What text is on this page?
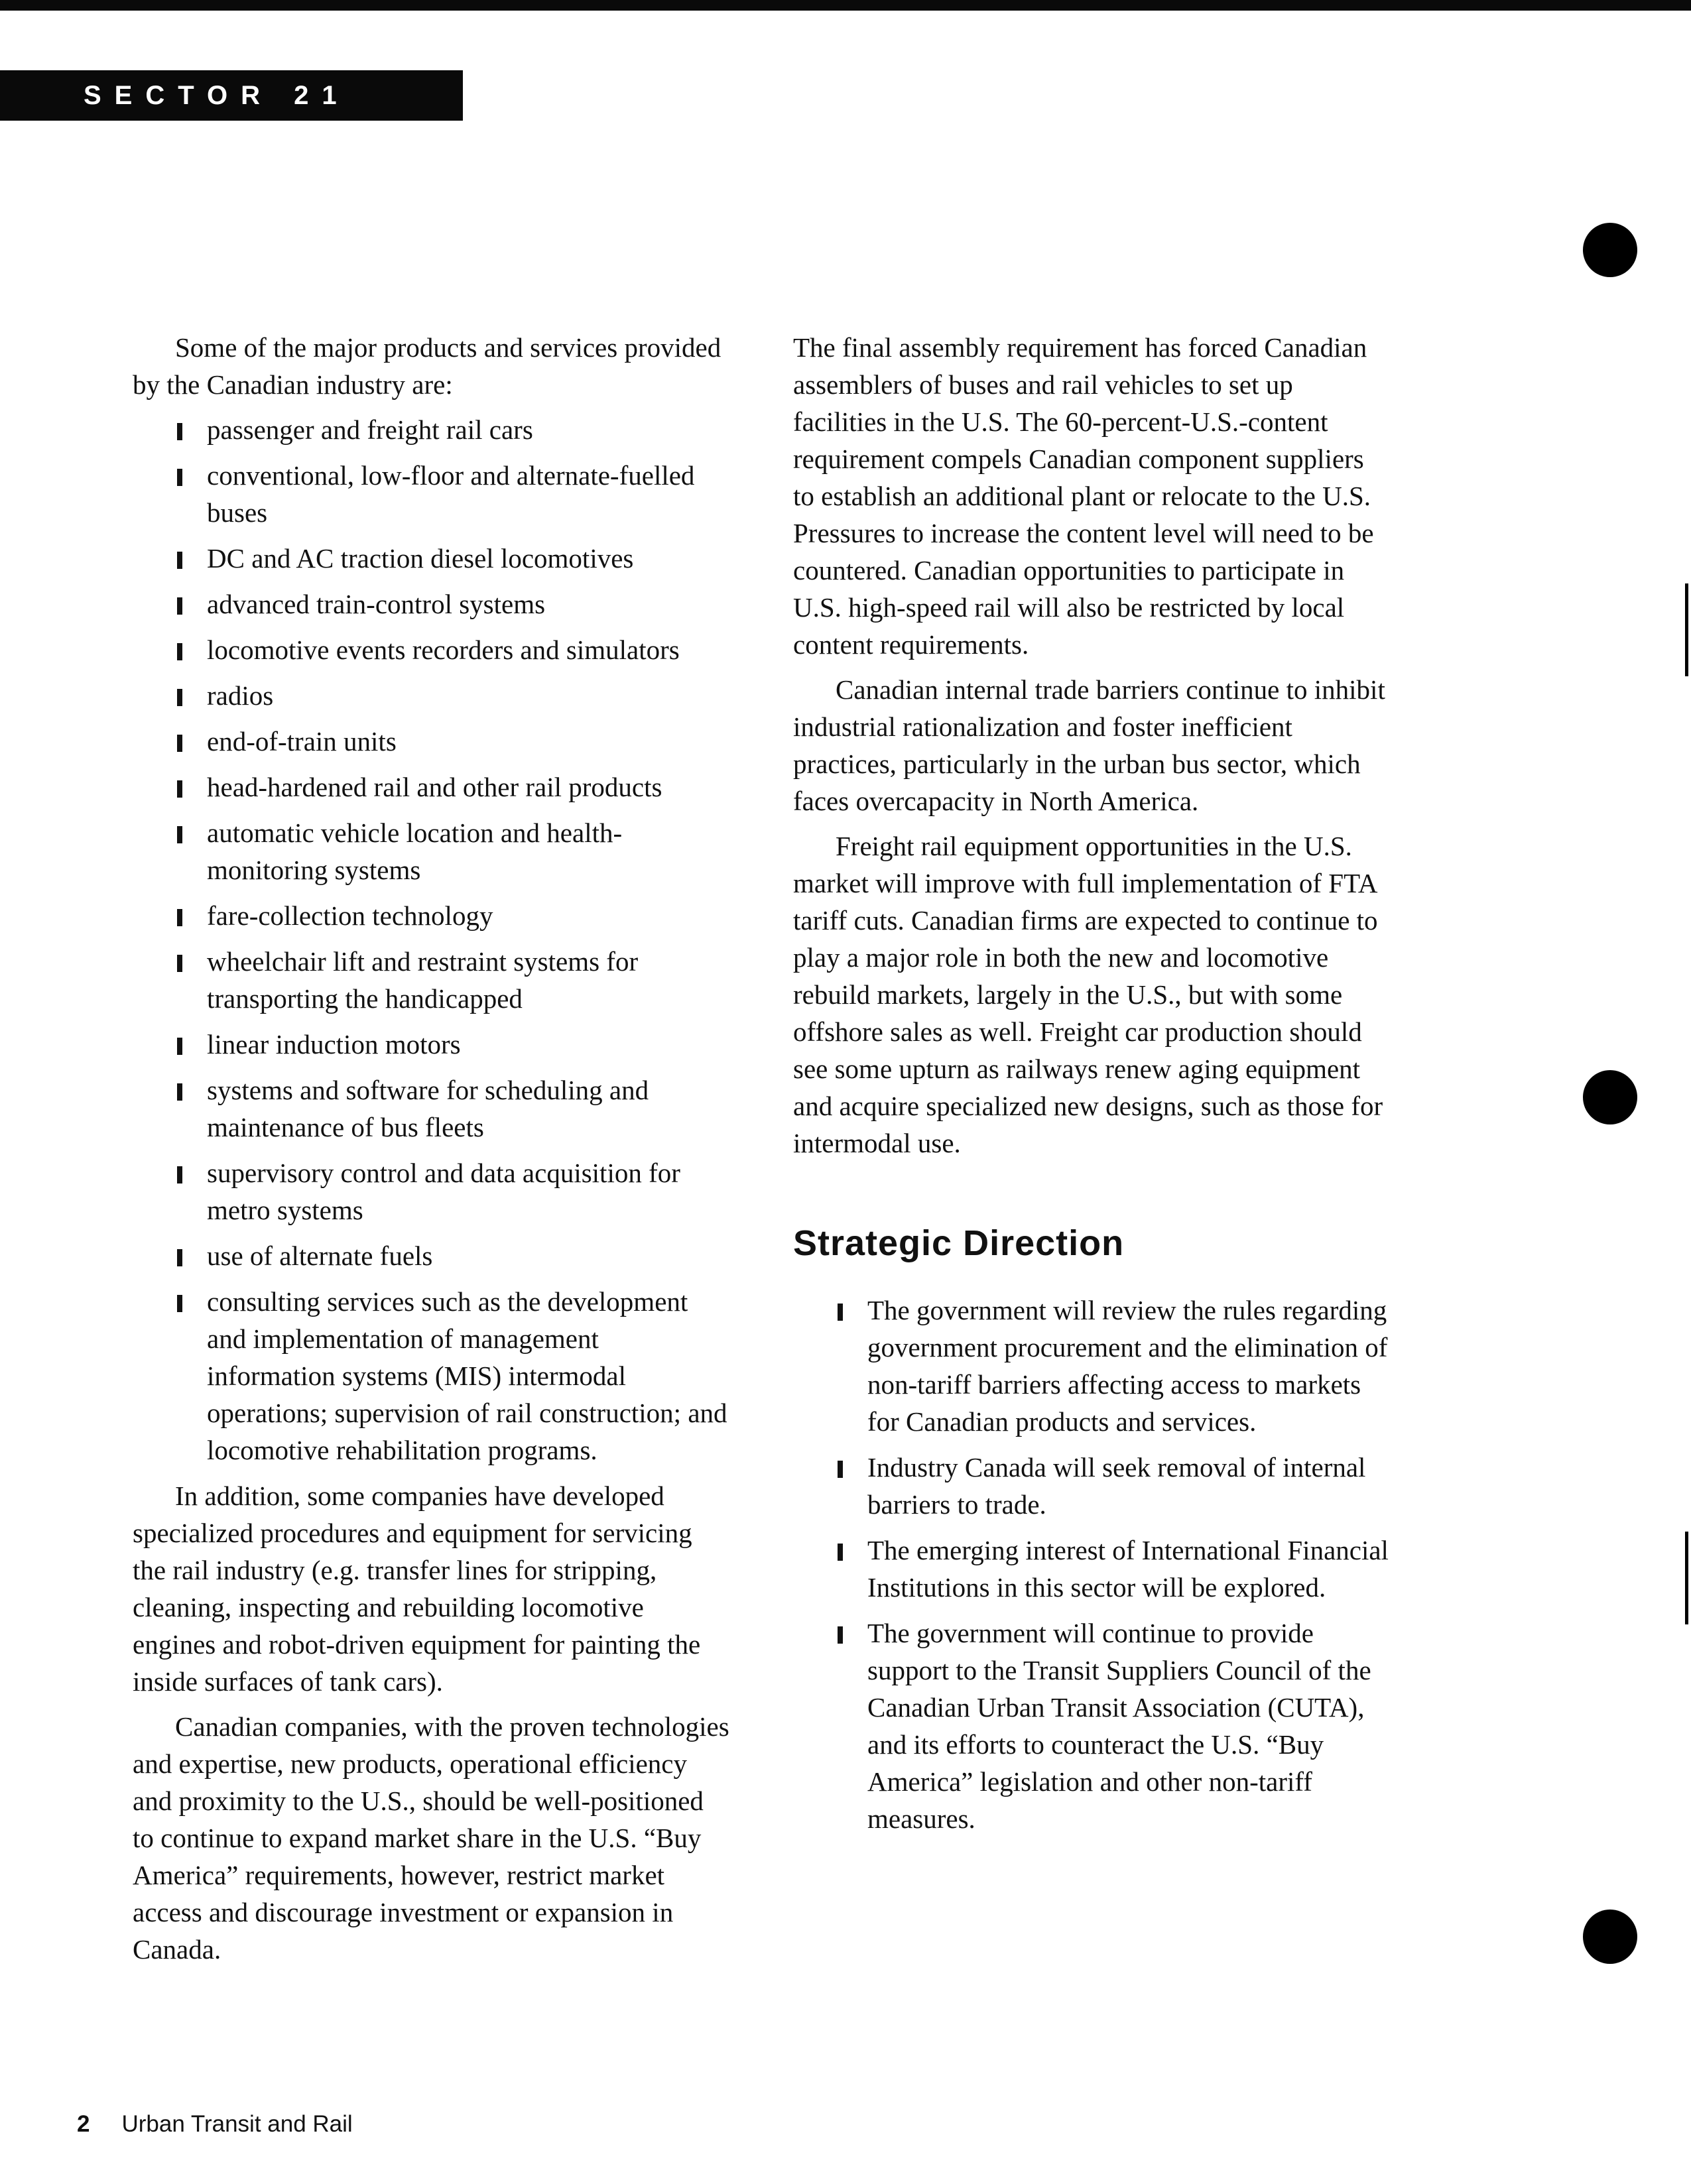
SECTOR 21

Some of the major products and services provided by the Canadian industry are:

passenger and freight rail cars
conventional, low-floor and alternate-fuelled buses
DC and AC traction diesel locomotives
advanced train-control systems
locomotive events recorders and simulators
radios
end-of-train units
head-hardened rail and other rail products
automatic vehicle location and health-monitoring systems
fare-collection technology
wheelchair lift and restraint systems for transporting the handicapped
linear induction motors
systems and software for scheduling and maintenance of bus fleets
supervisory control and data acquisition for metro systems
use of alternate fuels
consulting services such as the development and implementation of management information systems (MIS) intermodal operations; supervision of rail construction; and locomotive rehabilitation programs.

In addition, some companies have developed specialized procedures and equipment for servicing the rail industry (e.g. transfer lines for stripping, cleaning, inspecting and rebuilding locomotive engines and robot-driven equipment for painting the inside surfaces of tank cars).

Canadian companies, with the proven technologies and expertise, new products, operational efficiency and proximity to the U.S., should be well-positioned to continue to expand market share in the U.S. “Buy America” requirements, however, restrict market access and discourage investment or expansion in Canada.

The final assembly requirement has forced Canadian assemblers of buses and rail vehicles to set up facilities in the U.S. The 60-percent-U.S.-content requirement compels Canadian component suppliers to establish an additional plant or relocate to the U.S. Pressures to increase the content level will need to be countered. Canadian opportunities to participate in U.S. high-speed rail will also be restricted by local content requirements.

Canadian internal trade barriers continue to inhibit industrial rationalization and foster inefficient practices, particularly in the urban bus sector, which faces overcapacity in North America.

Freight rail equipment opportunities in the U.S. market will improve with full implementation of FTA tariff cuts. Canadian firms are expected to continue to play a major role in both the new and locomotive rebuild markets, largely in the U.S., but with some offshore sales as well. Freight car production should see some upturn as railways renew aging equipment and acquire specialized new designs, such as those for intermodal use.

Strategic Direction
The government will review the rules regarding government procurement and the elimination of non-tariff barriers affecting access to markets for Canadian products and services.
Industry Canada will seek removal of internal barriers to trade.
The emerging interest of International Financial Institutions in this sector will be explored.
The government will continue to provide support to the Transit Suppliers Council of the Canadian Urban Transit Association (CUTA), and its efforts to counteract the U.S. “Buy America” legislation and other non-tariff measures.
2 Urban Transit and Rail
